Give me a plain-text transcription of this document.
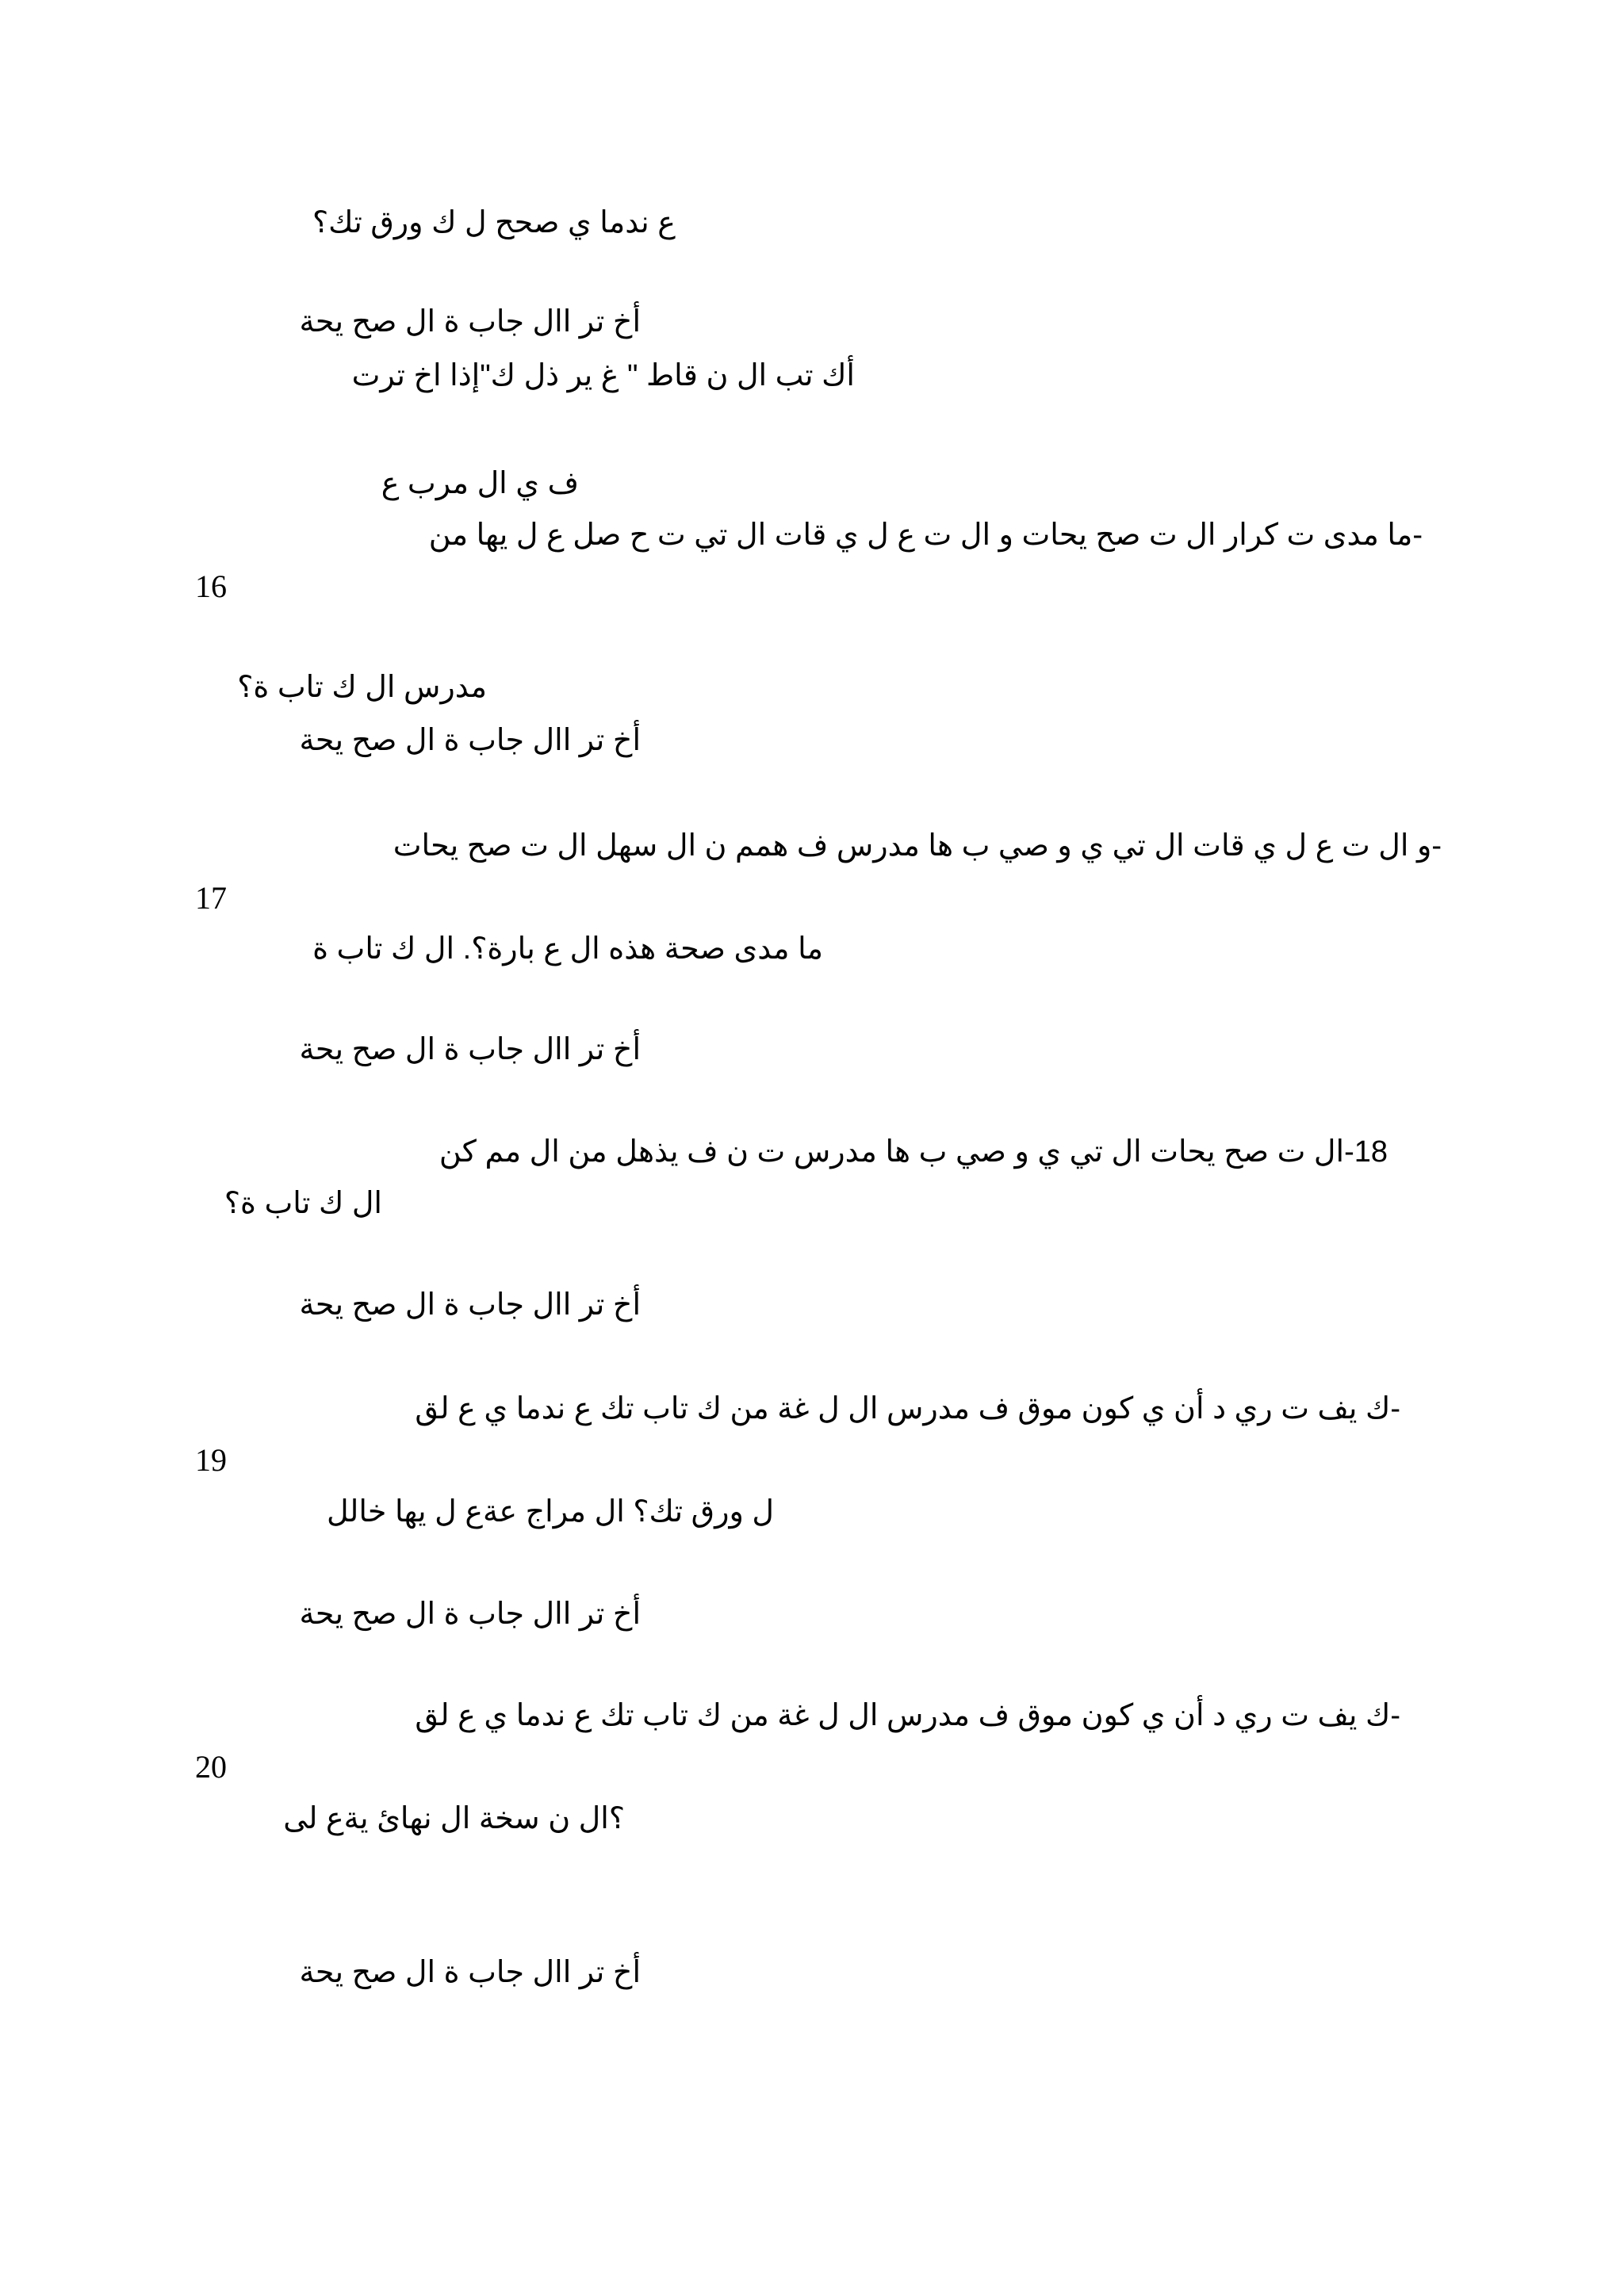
ع ندما ي صحح ل ك ورق تك؟
أخ تر اال جاب ة ال صح يحة
أك تب ال ن قاط " غ ير ذل ك"إذا اخ ترت
ف ي ال مرب ع
-ما مدى ت كرار ال ت صح يحات و ال ت ع ل ي قات ال تي ت ح صل ع ل يها من
16
مدرس ال ك تاب ة؟
أخ تر اال جاب ة ال صح يحة
-و ال ت ع ل ي قات ال تي ي و صي ب ها مدرس ف همم ن ال سهل ال ت صح يحات
17
ما مدى صحة هذه ال ع بارة؟. ال ك تاب ة
أخ تر اال جاب ة ال صح يحة
18-ال ت صح يحات ال تي ي و صي ب ها مدرس ت ن ف يذهل من ال مم كن
ال ك تاب ة؟
أخ تر اال جاب ة ال صح يحة
-ك يف ت ري د أن ي كون موق ف مدرس ال ل غة من ك تاب تك ع ندما ي ع لق
19
ل ورق تك؟ ال مراج عةع ل يها خالل
أخ تر اال جاب ة ال صح يحة
-ك يف ت ري د أن ي كون موق ف مدرس ال ل غة من ك تاب تك ع ندما ي ع لق
20
؟ال ن سخة ال نهائ يةع لى
أخ تر اال جاب ة ال صح يحة
